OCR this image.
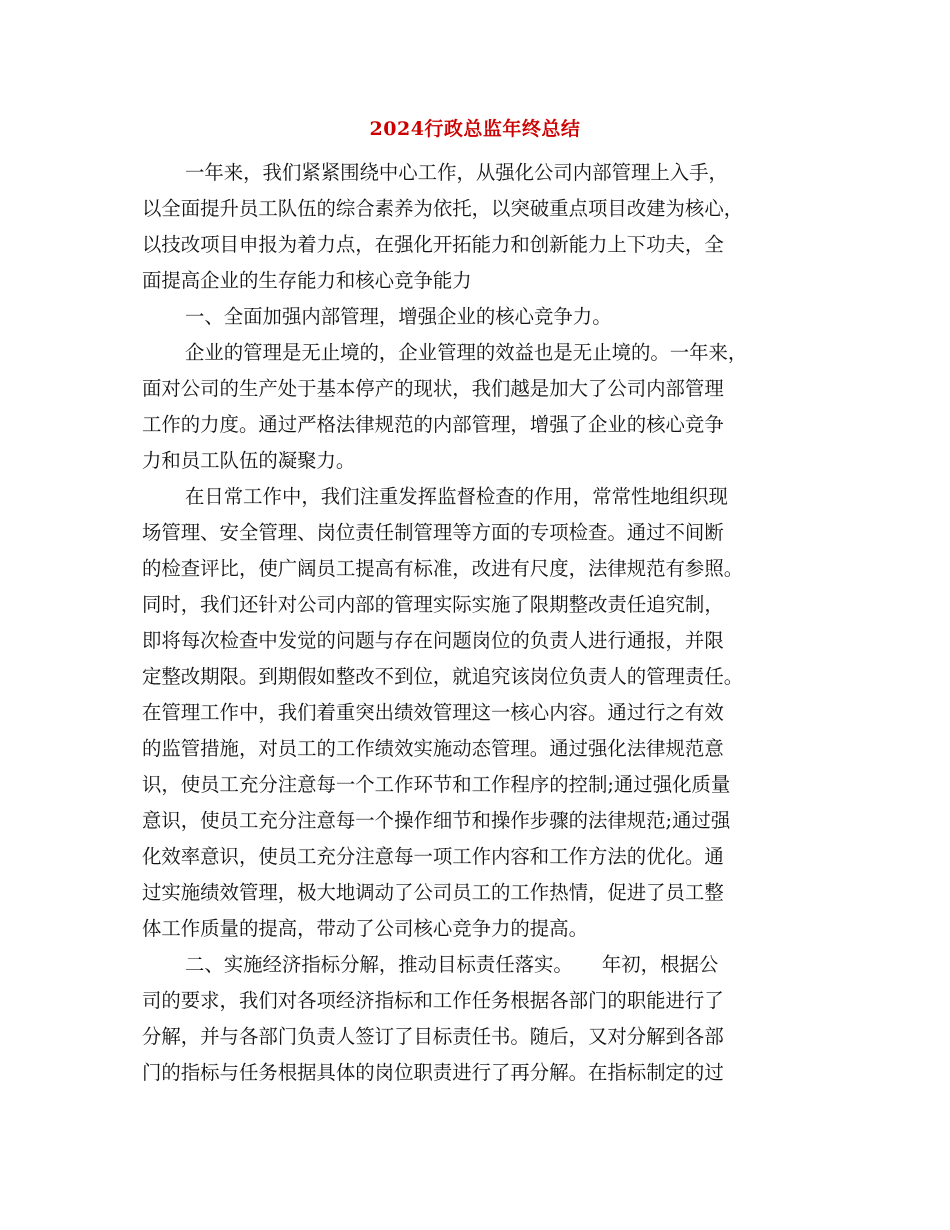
2024行政总监年终总结
一年来，我们紧紧围绕中心工作，从强化公司内部管理上入手，
以全面提升员工队伍的综合素养为依托，以突破重点项目改建为核心，
以技改项目申报为着力点，在强化开拓能力和创新能力上下功夫，全
面提高企业的生存能力和核心竞争能力
一、全面加强内部管理，增强企业的核心竞争力。
企业的管理是无止境的，企业管理的效益也是无止境的。一年来，
面对公司的生产处于基本停产的现状，我们越是加大了公司内部管理
工作的力度。通过严格法律规范的内部管理，增强了企业的核心竞争
力和员工队伍的凝聚力。
在日常工作中，我们注重发挥监督检查的作用，常常性地组织现
场管理、安全管理、岗位责任制管理等方面的专项检查。通过不间断
的检查评比，使广阔员工提高有标准，改进有尺度，法律规范有参照。
同时，我们还针对公司内部的管理实际实施了限期整改责任追究制，
即将每次检查中发觉的问题与存在问题岗位的负责人进行通报，并限
定整改期限。到期假如整改不到位，就追究该岗位负责人的管理责任。
在管理工作中，我们着重突出绩效管理这一核心内容。通过行之有效
的监管措施，对员工的工作绩效实施动态管理。通过强化法律规范意
识，使员工充分注意每一个工作环节和工作程序的控制;通过强化质量
意识，使员工充分注意每一个操作细节和操作步骤的法律规范;通过强
化效率意识，使员工充分注意每一项工作内容和工作方法的优化。通
过实施绩效管理，极大地调动了公司员工的工作热情，促进了员工整
体工作质量的提高，带动了公司核心竞争力的提高。
二、实施经济指标分解，推动目标责任落实。　　年初，根据公
司的要求，我们对各项经济指标和工作任务根据各部门的职能进行了
分解，并与各部门负责人签订了目标责任书。随后，又对分解到各部
门的指标与任务根据具体的岗位职责进行了再分解。在指标制定的过
